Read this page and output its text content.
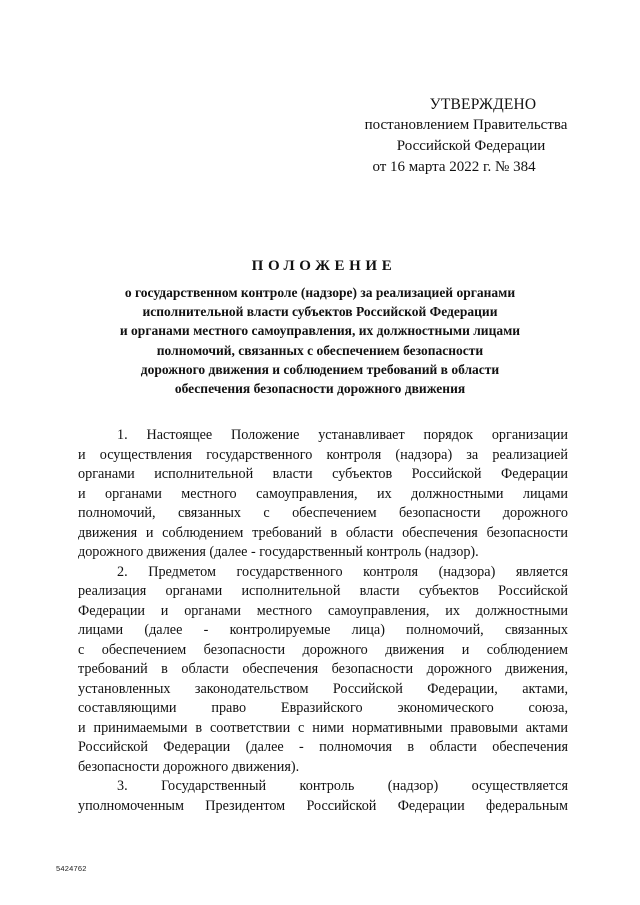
УТВЕРЖДЕНО
постановлением Правительства
Российской Федерации
от 16 марта 2022 г. № 384
ПОЛОЖЕНИЕ
о государственном контроле (надзоре) за реализацией органами
исполнительной власти субъектов Российской Федерации
и органами местного самоуправления, их должностными лицами
полномочий, связанных с обеспечением безопасности
дорожного движения и соблюдением требований в области
обеспечения безопасности дорожного движения
1. Настоящее Положение устанавливает порядок организации
и осуществления государственного контроля (надзора) за реализацией
органами исполнительной власти субъектов Российской Федерации
и органами местного самоуправления, их должностными лицами
полномочий, связанных с обеспечением безопасности дорожного
движения и соблюдением требований в области обеспечения безопасности
дорожного движения (далее - государственный контроль (надзор).
2. Предметом государственного контроля (надзора) является
реализация органами исполнительной власти субъектов Российской
Федерации и органами местного самоуправления, их должностными
лицами (далее - контролируемые лица) полномочий, связанных
с обеспечением безопасности дорожного движения и соблюдением
требований в области обеспечения безопасности дорожного движения,
установленных законодательством Российской Федерации, актами,
составляющими право Евразийского экономического союза,
и принимаемыми в соответствии с ними нормативными правовыми актами
Российской Федерации (далее - полномочия в области обеспечения
безопасности дорожного движения).
3. Государственный контроль (надзор) осуществляется
уполномоченным Президентом Российской Федерации федеральным
5424762
